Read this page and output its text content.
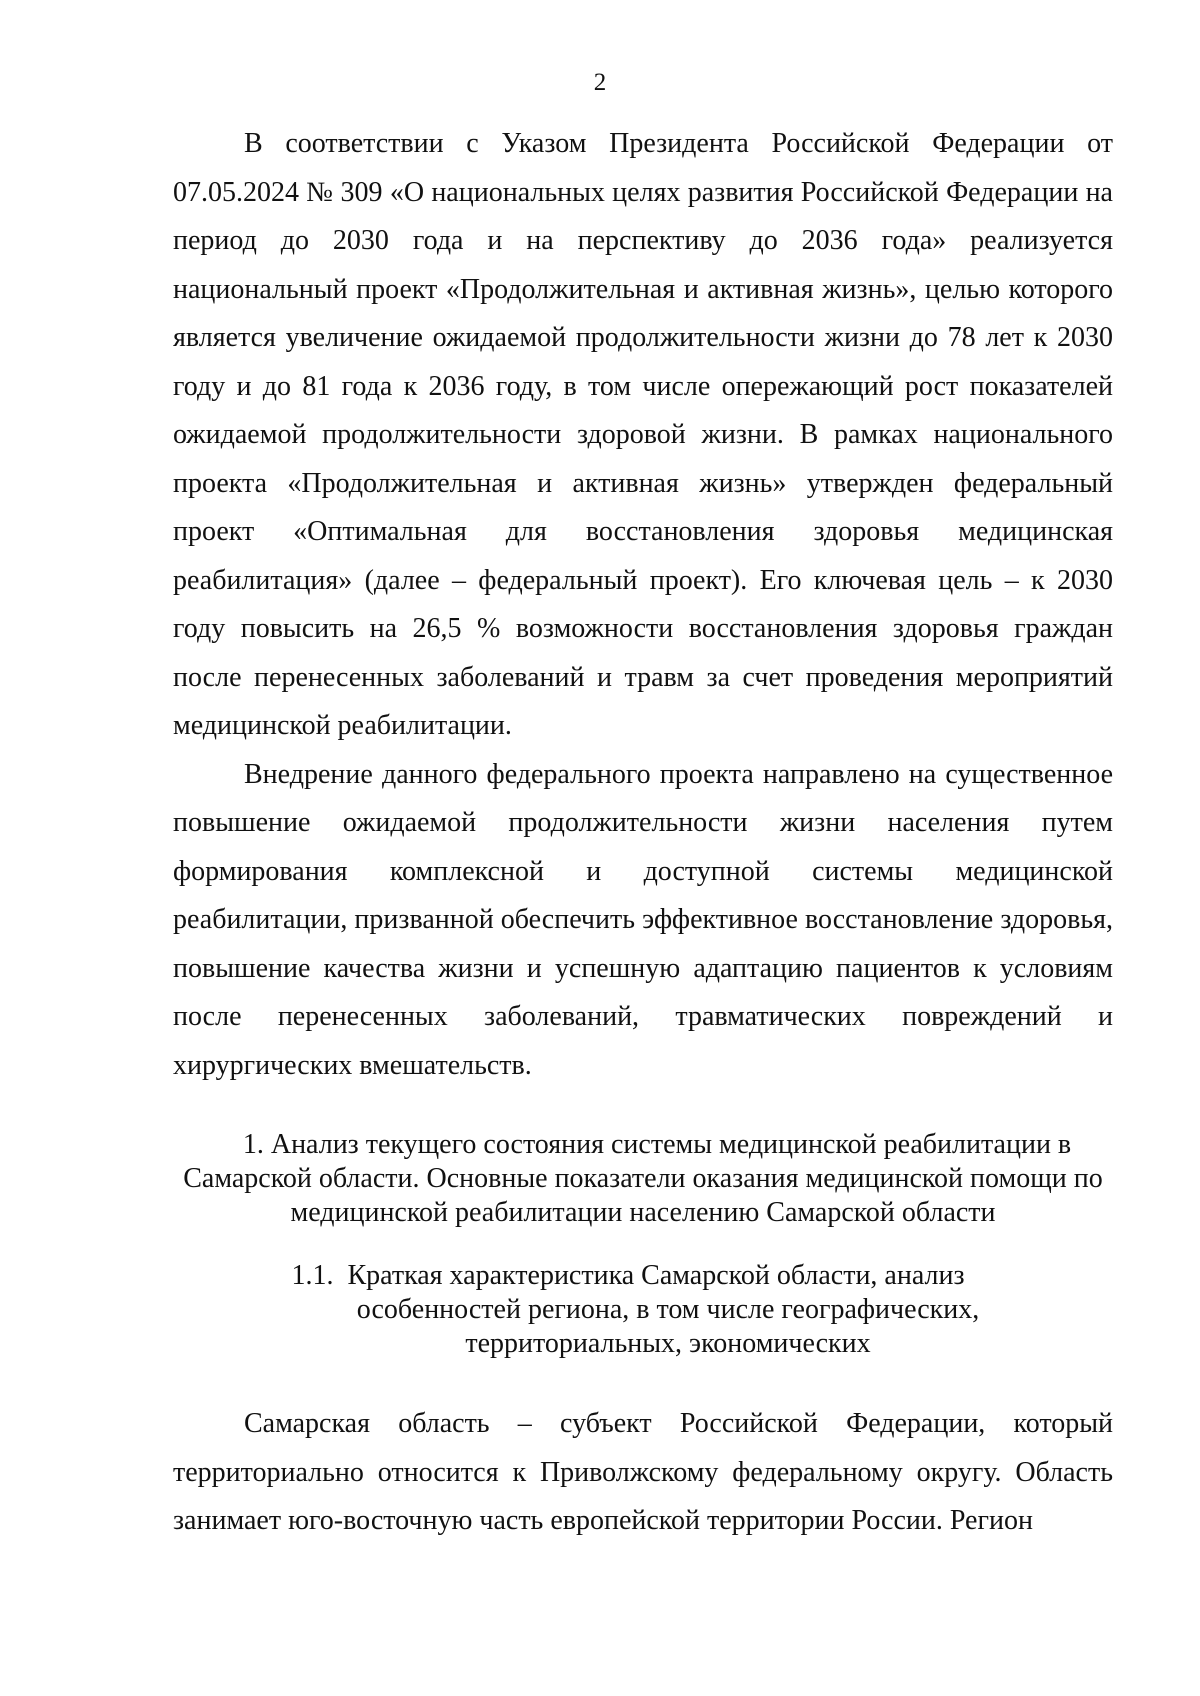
2

В соответствии с Указом Президента Российской Федерации от 07.05.2024 № 309 «О национальных целях развития Российской Федерации на период до 2030 года и на перспективу до 2036 года» реализуется национальный проект «Продолжительная и активная жизнь», целью которого является увеличение ожидаемой продолжительности жизни до 78 лет к 2030 году и до 81 года к 2036 году, в том числе опережающий рост показателей ожидаемой продолжительности здоровой жизни. В рамках национального проекта «Продолжительная и активная жизнь» утвержден федеральный проект «Оптимальная для восстановления здоровья медицинская реабилитация» (далее – федеральный проект). Его ключевая цель – к 2030 году повысить на 26,5 % возможности восстановления здоровья граждан после перенесенных заболеваний и травм за счет проведения мероприятий медицинской реабилитации.

Внедрение данного федерального проекта направлено на существенное повышение ожидаемой продолжительности жизни населения путем формирования комплексной и доступной системы медицинской реабилитации, призванной обеспечить эффективное восстановление здоровья, повышение качества жизни и успешную адаптацию пациентов к условиям после перенесенных заболеваний, травматических повреждений и хирургических вмешательств.

1. Анализ текущего состояния системы медицинской реабилитации в
Самарской области. Основные показатели оказания медицинской помощи по
медицинской реабилитации населению Самарской области
1.1.  Краткая характеристика Самарской области, анализ
особенностей региона, в том числе географических,
территориальных, экономических

Самарская область – субъект Российской Федерации, который территориально относится к Приволжскому федеральному округу. Область занимает юго-восточную часть европейской территории России. Регион
